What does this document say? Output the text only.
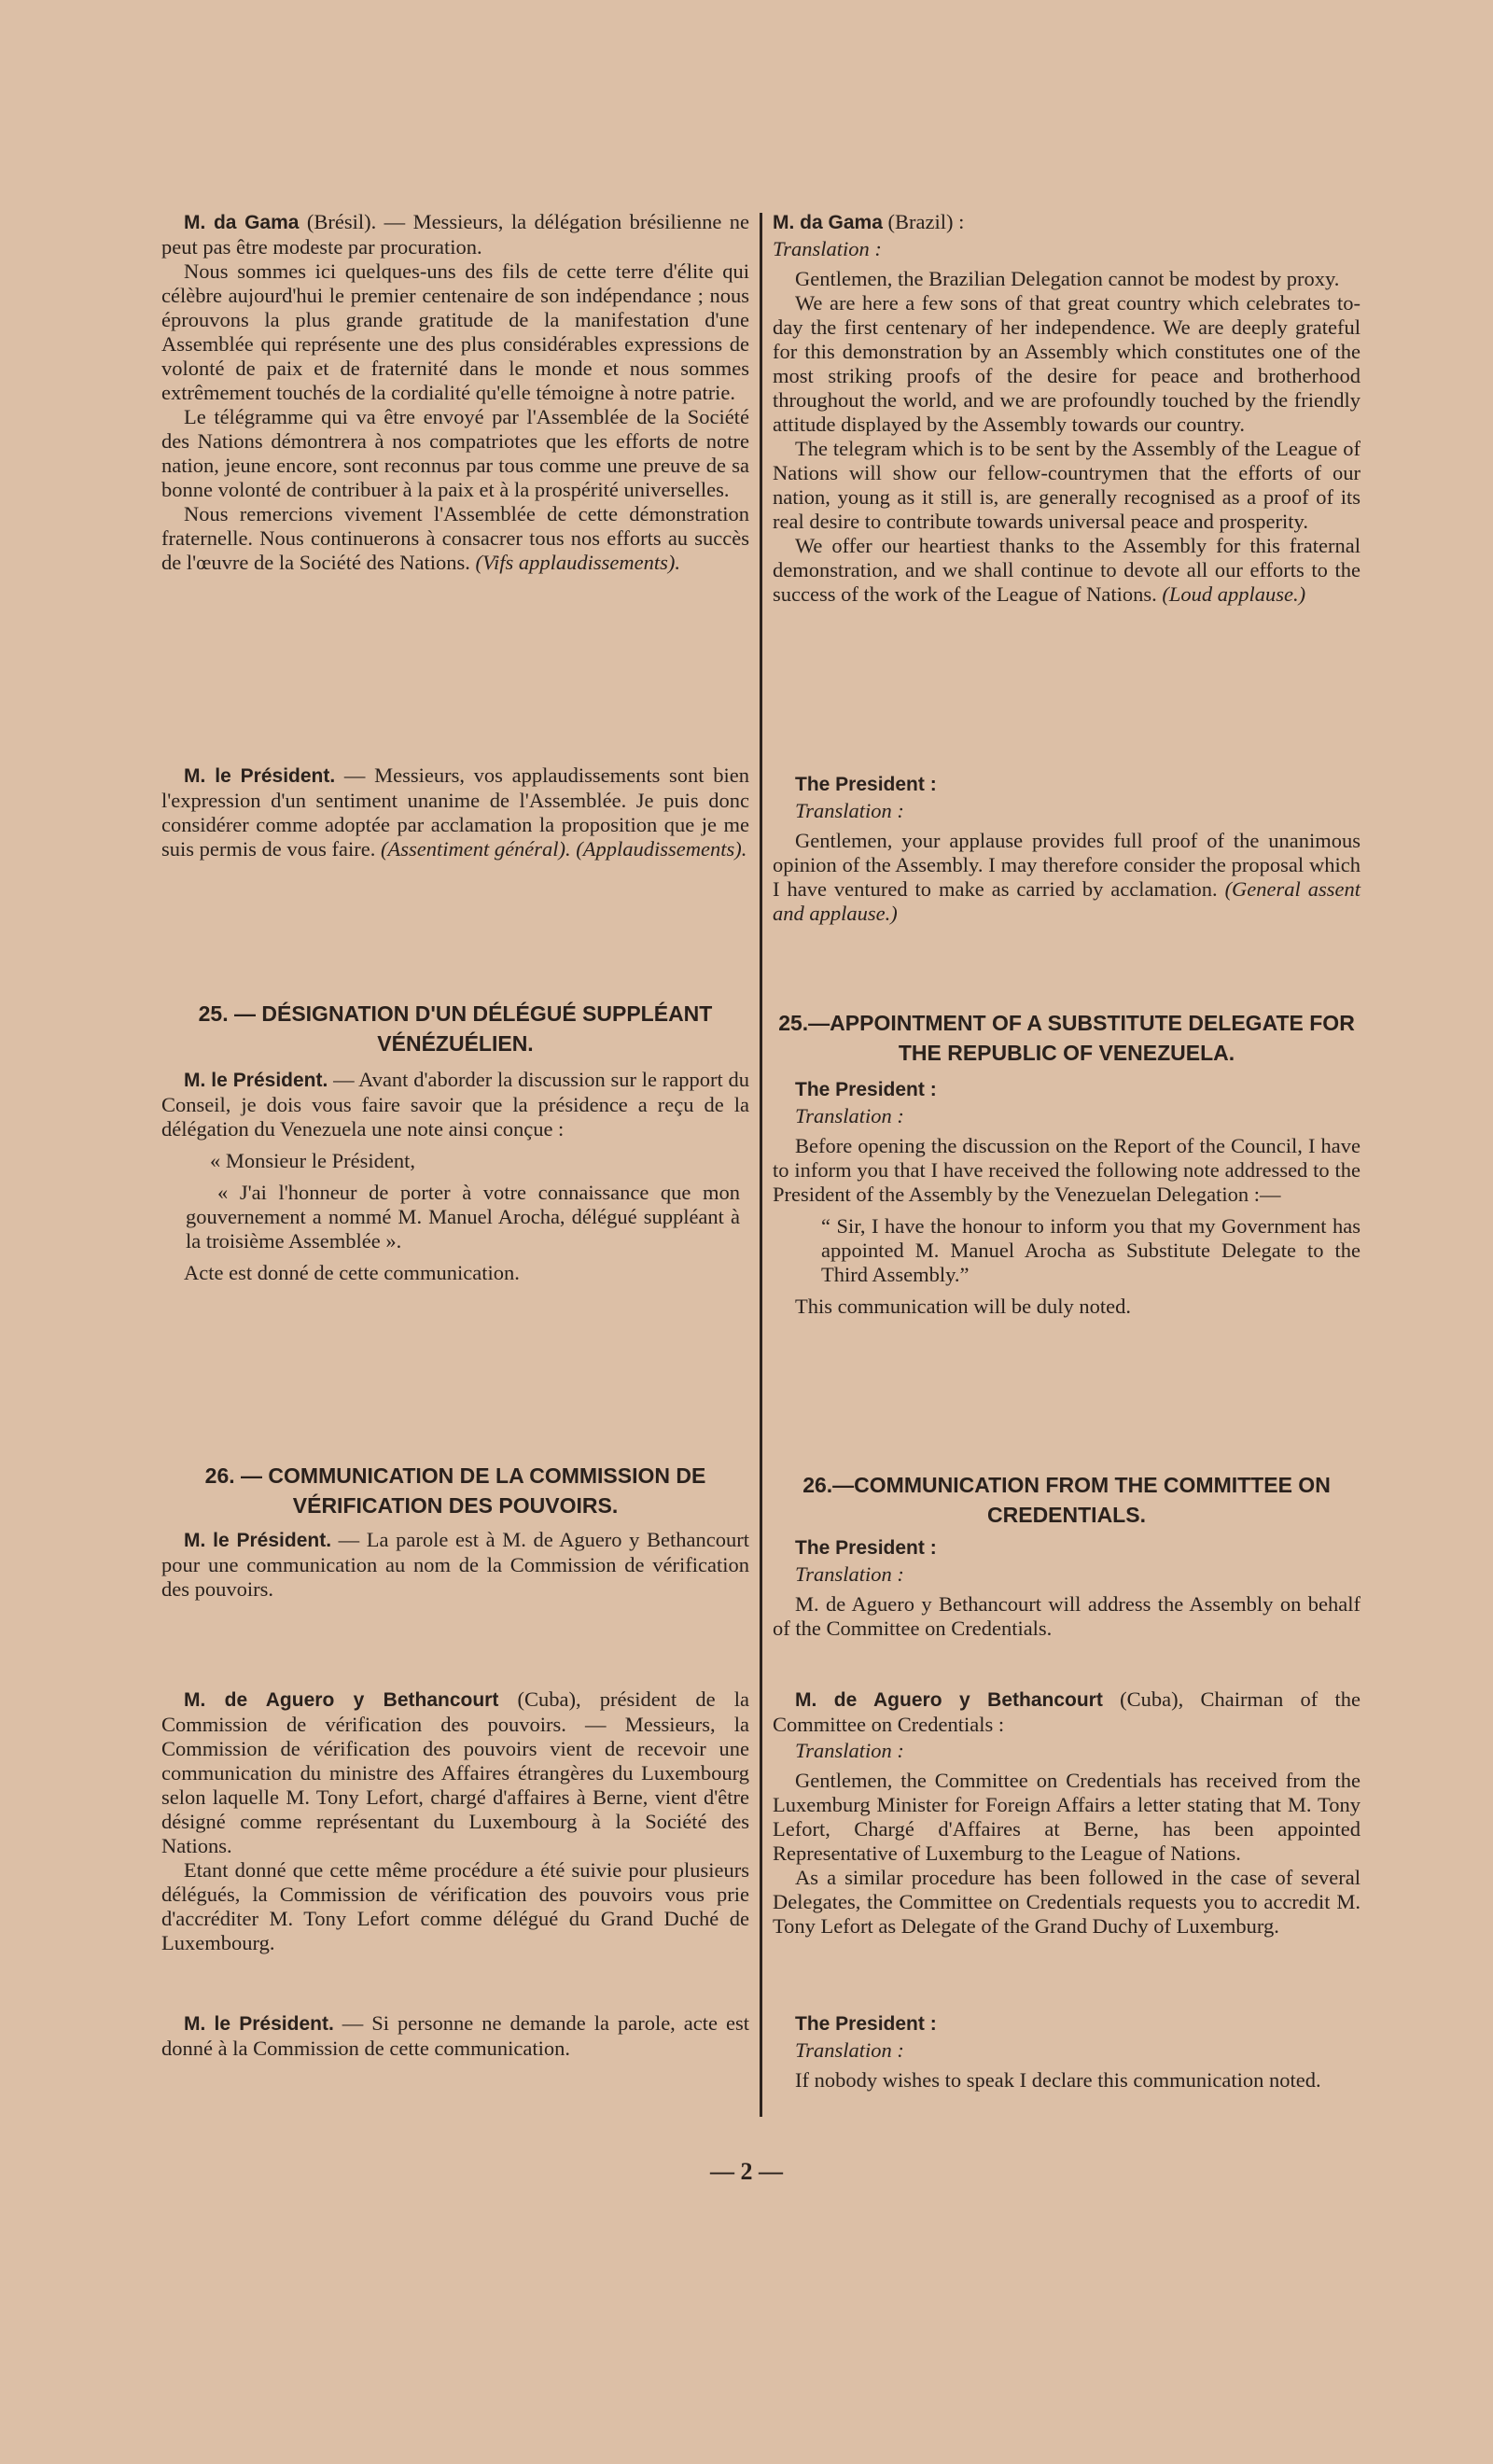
M. da Gama (Brésil). — Messieurs, la délégation brésilienne ne peut pas être modeste par procuration.

Nous sommes ici quelques-uns des fils de cette terre d'élite qui célèbre aujourd'hui le premier centenaire de son indépendance ; nous éprouvons la plus grande gratitude de la manifestation d'une Assemblée qui représente une des plus considérables expressions de volonté de paix et de fraternité dans le monde et nous sommes extrêmement touchés de la cordialité qu'elle témoigne à notre patrie.

Le télégramme qui va être envoyé par l'Assemblée de la Société des Nations démontrera à nos compatriotes que les efforts de notre nation, jeune encore, sont reconnus par tous comme une preuve de sa bonne volonté de contribuer à la paix et à la prospérité universelles.

Nous remercions vivement l'Assemblée de cette démonstration fraternelle. Nous continuerons à consacrer tous nos efforts au succès de l'œuvre de la Société des Nations. (Vifs applaudissements).

M. le Président. — Messieurs, vos applaudissements sont bien l'expression d'un sentiment unanime de l'Assemblée. Je puis donc considérer comme adoptée par acclamation la proposition que je me suis permis de vous faire. (Assentiment général). (Applaudissements).

25. — DÉSIGNATION D'UN DÉLÉGUÉ SUPPLÉANT VÉNÉZUÉLIEN.

M. le Président. — Avant d'aborder la discussion sur le rapport du Conseil, je dois vous faire savoir que la présidence a reçu de la délégation du Venezuela une note ainsi conçue :

« Monsieur le Président,

« J'ai l'honneur de porter à votre connaissance que mon gouvernement a nommé M. Manuel Arocha, délégué suppléant à la troisième Assemblée ».

Acte est donné de cette communication.

26. — COMMUNICATION DE LA COMMISSION DE VÉRIFICATION DES POUVOIRS.

M. le Président. — La parole est à M. de Aguero y Bethancourt pour une communication au nom de la Commission de vérification des pouvoirs.

M. de Aguero y Bethancourt (Cuba), président de la Commission de vérification des pouvoirs. — Messieurs, la Commission de vérification des pouvoirs vient de recevoir une communication du ministre des Affaires étrangères du Luxembourg selon laquelle M. Tony Lefort, chargé d'affaires à Berne, vient d'être désigné comme représentant du Luxembourg à la Société des Nations.

Etant donné que cette même procédure a été suivie pour plusieurs délégués, la Commission de vérification des pouvoirs vous prie d'accréditer M. Tony Lefort comme délégué du Grand Duché de Luxembourg.

M. le Président. — Si personne ne demande la parole, acte est donné à la Commission de cette communication.

M. da Gama (Brazil) :

Translation :

Gentlemen, the Brazilian Delegation cannot be modest by proxy.

We are here a few sons of that great country which celebrates to-day the first centenary of her independence. We are deeply grateful for this demonstration by an Assembly which constitutes one of the most striking proofs of the desire for peace and brotherhood throughout the world, and we are profoundly touched by the friendly attitude displayed by the Assembly towards our country.

The telegram which is to be sent by the Assembly of the League of Nations will show our fellow-countrymen that the efforts of our nation, young as it still is, are generally recognised as a proof of its real desire to contribute towards universal peace and prosperity.

We offer our heartiest thanks to the Assembly for this fraternal demonstration, and we shall continue to devote all our efforts to the success of the work of the League of Nations. (Loud applause.)

The President :

Translation :

Gentlemen, your applause provides full proof of the unanimous opinion of the Assembly. I may therefore consider the proposal which I have ventured to make as carried by acclamation. (General assent and applause.)

25.—APPOINTMENT OF A SUBSTITUTE DELEGATE FOR THE REPUBLIC OF VENEZUELA.

The President :

Translation :

Before opening the discussion on the Report of the Council, I have to inform you that I have received the following note addressed to the President of the Assembly by the Venezuelan Delegation :—

“ Sir, I have the honour to inform you that my Government has appointed M. Manuel Arocha as Substitute Delegate to the Third Assembly.”

This communication will be duly noted.

26.—COMMUNICATION FROM THE COMMITTEE ON CREDENTIALS.

The President :

Translation :

M. de Aguero y Bethancourt will address the Assembly on behalf of the Committee on Credentials.

M. de Aguero y Bethancourt (Cuba), Chairman of the Committee on Credentials :

Translation :

Gentlemen, the Committee on Credentials has received from the Luxemburg Minister for Foreign Affairs a letter stating that M. Tony Lefort, Chargé d'Affaires at Berne, has been appointed Representative of Luxemburg to the League of Nations.

As a similar procedure has been followed in the case of several Delegates, the Committee on Credentials requests you to accredit M. Tony Lefort as Delegate of the Grand Duchy of Luxemburg.

The President :

Translation :

If nobody wishes to speak I declare this communication noted.

— 2 —
